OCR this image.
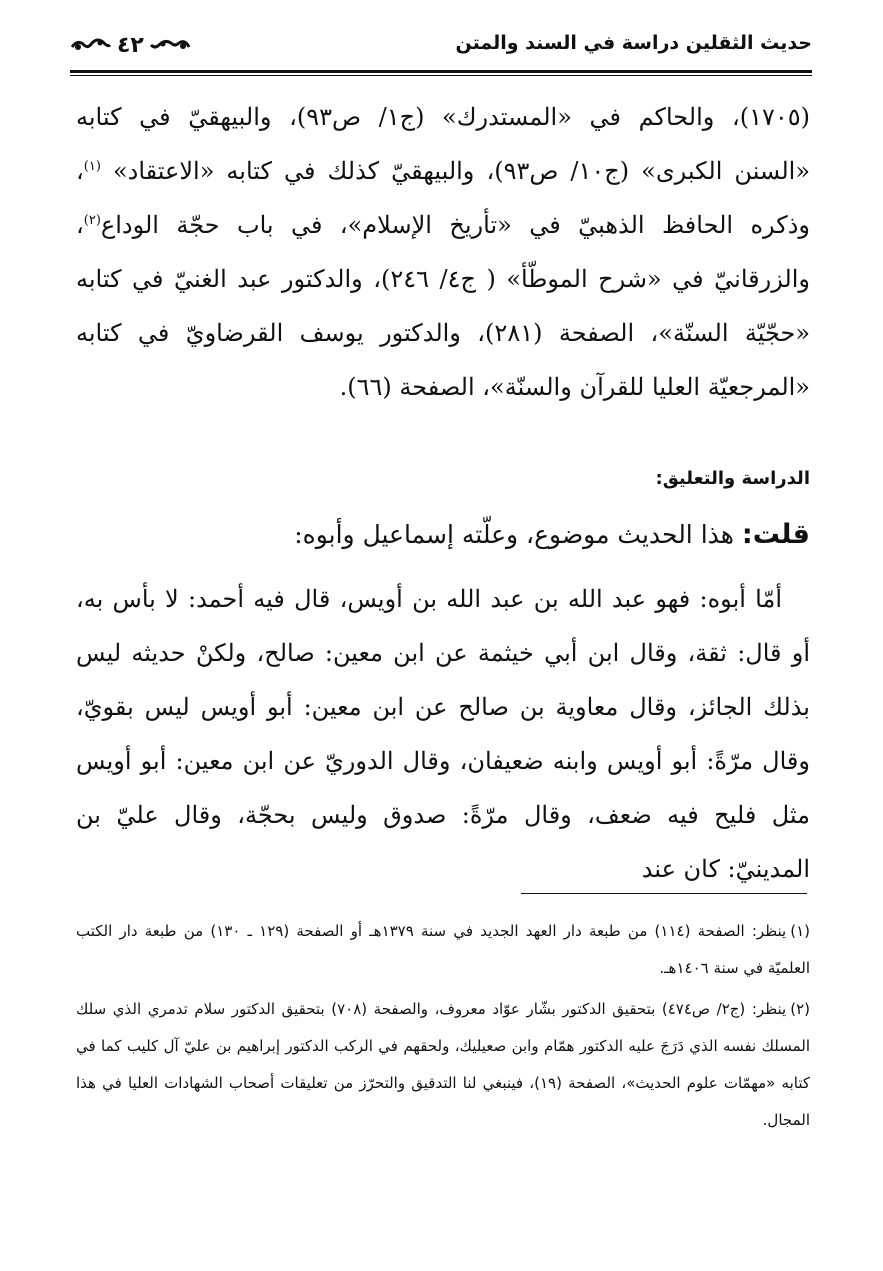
حديث الثقلين دراسة في السند والمتن
٤٢

(١٧٠٥)، والحاكم في «المستدرك» (ج١/ ص٩٣)، والبيهقيّ في كتابه «السنن الكبرى» (ج١٠/ ص٩٣)، والبيهقيّ كذلك في كتابه «الاعتقاد» $^{(١)}$، وذكره الحافظ الذهبيّ في «تأريخ الإسلام»، في باب حجّة الوداع$^{(٢)}$، والزرقانيّ في «شرح الموطّأ» ( ج٤/ ٢٤٦)، والدكتور عبد الغنيّ في كتابه «حجّيّة السنّة»، الصفحة (٢٨١)، والدكتور يوسف القرضاويّ في كتابه «المرجعيّة العليا للقرآن والسنّة»، الصفحة (٦٦).

الدراسة والتعليق:

قلت: هذا الحديث موضوع، وعلّته إسماعيل وأبوه:

أمّا أبوه: فهو عبد الله بن عبد الله بن أويس، قال فيه أحمد: لا بأس به، أو قال: ثقة، وقال ابن أبي خيثمة عن ابن معين: صالح، ولكنْ حديثه ليس بذلك الجائز، وقال معاوية بن صالح عن ابن معين: أبو أويس ليس بقويّ، وقال مرّةً: أبو أويس وابنه ضعيفان، وقال الدوريّ عن ابن معين: أبو أويس مثل فليح فيه ضعف، وقال مرّةً: صدوق وليس بحجّة، وقال عليّ بن المدينيّ: كان عند

(١)ينظر: الصفحة (١١٤) من طبعة دار العهد الجديد في سنة ١٣٧٩هـ أو الصفحة (١٢٩ ـ ١٣٠) من طبعة دار الكتب العلميّة في سنة ١٤٠٦هـ.

(٢)ينظر: (ج٢/ ص٤٧٤) بتحقيق الدكتور بشّار عوّاد معروف، والصفحة (٧٠٨) بتحقيق الدكتور سلام تدمري الذي سلك المسلك نفسه الذي دَرَجَ عليه الدكتور همّام وابن صعيليك، ولحقهم في الركب الدكتور إبراهيم بن عليّ آل كليب كما في كتابه «مهمّات علوم الحديث»، الصفحة (١٩)، فينبغي لنا التدقيق والتحرّز من تعليقات أصحاب الشهادات العليا في هذا المجال.
